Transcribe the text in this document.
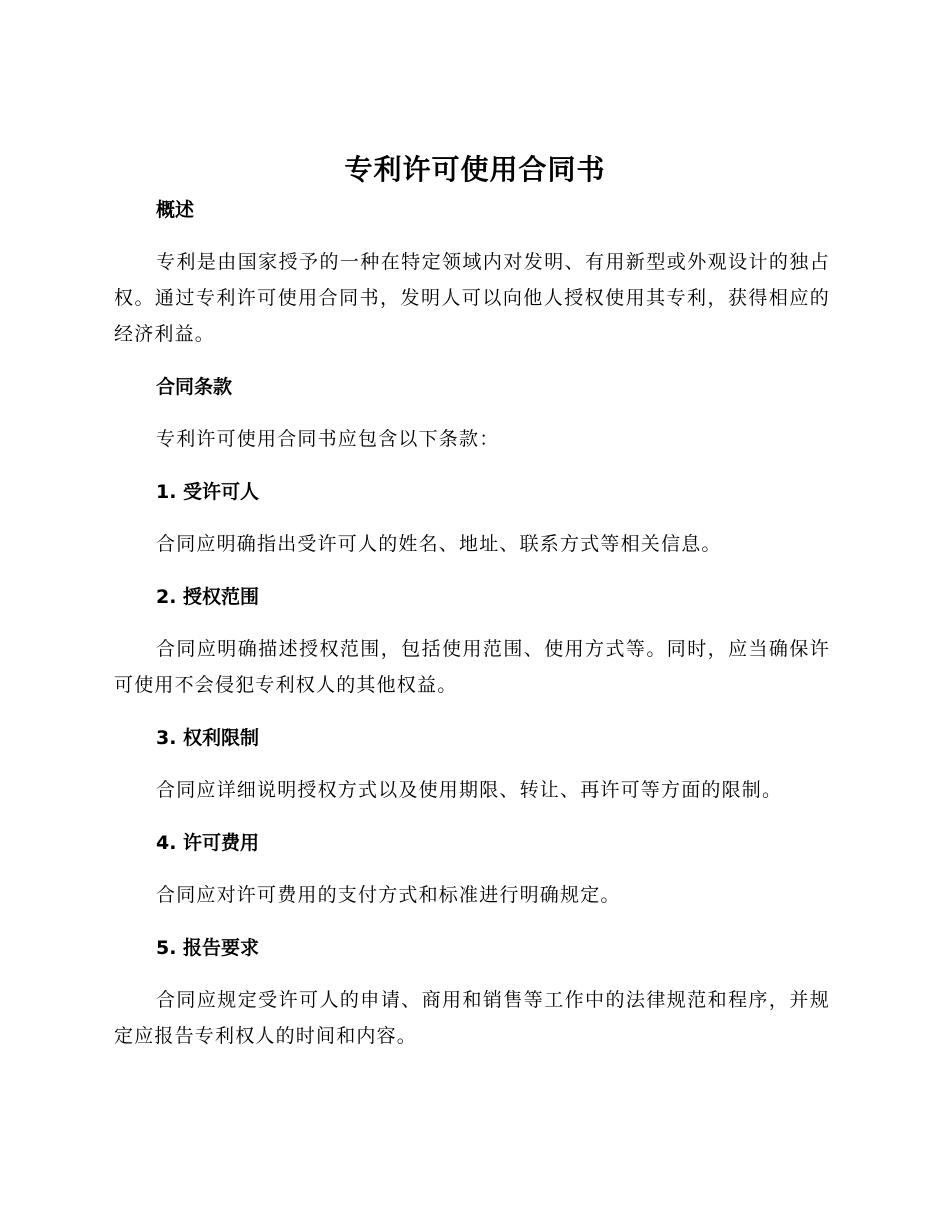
专利许可使用合同书
概述

专利是由国家授予的一种在特定领域内对发明、有用新型或外观设计的独占权。通过专利许可使用合同书，发明人可以向他人授权使用其专利，获得相应的经济利益。

合同条款

专利许可使用合同书应包含以下条款：

1. 受许可人

合同应明确指出受许可人的姓名、地址、联系方式等相关信息。

2. 授权范围

合同应明确描述授权范围，包括使用范围、使用方式等。同时，应当确保许可使用不会侵犯专利权人的其他权益。

3. 权利限制

合同应详细说明授权方式以及使用期限、转让、再许可等方面的限制。

4. 许可费用

合同应对许可费用的支付方式和标准进行明确规定。

5. 报告要求

合同应规定受许可人的申请、商用和销售等工作中的法律规范和程序，并规定应报告专利权人的时间和内容。
